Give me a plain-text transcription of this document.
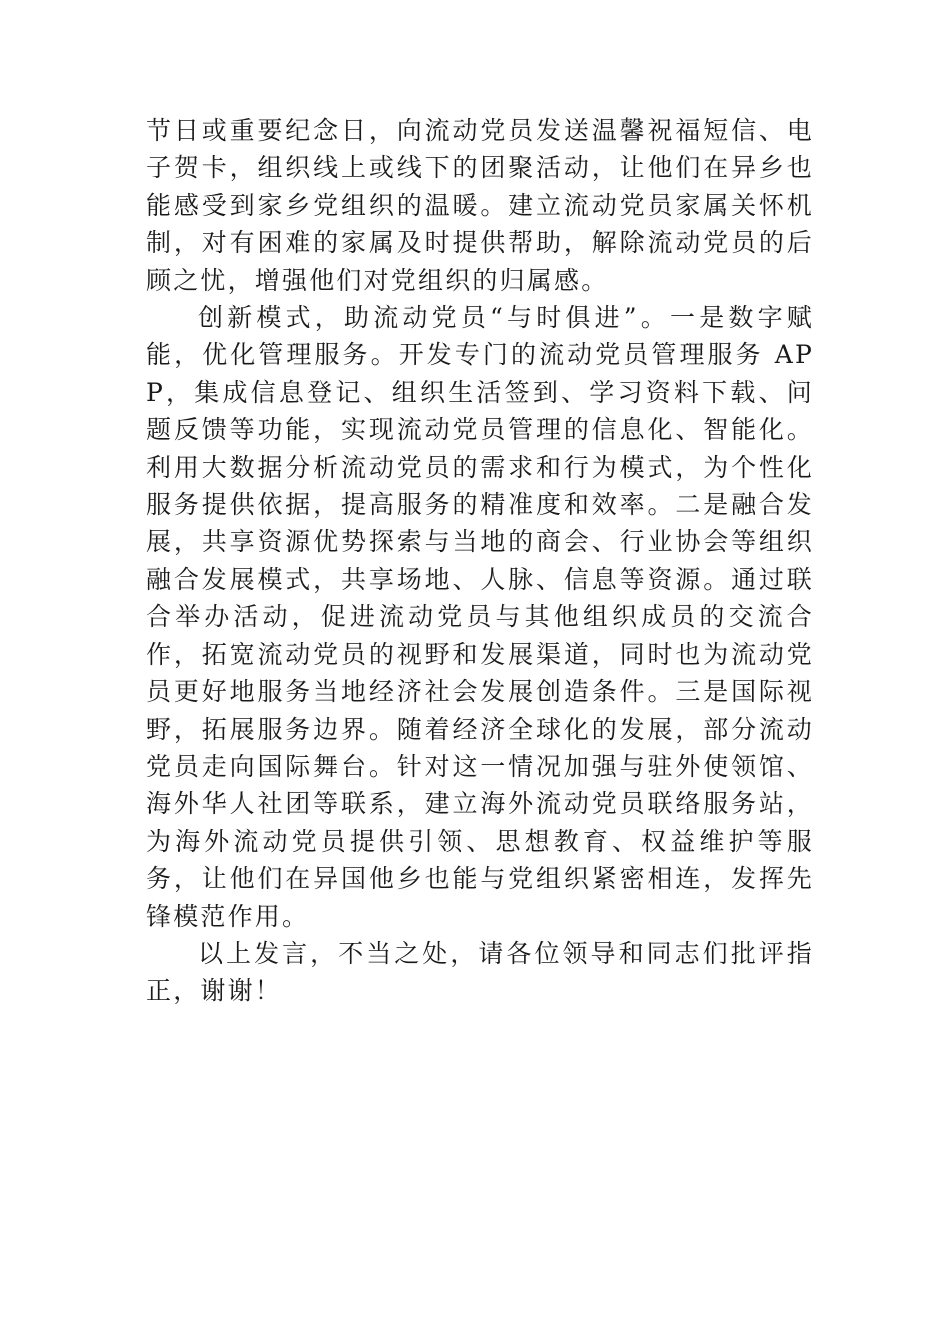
节日或重要纪念日，向流动党员发送温馨祝福短信、电子贺卡，组织线上或线下的团聚活动，让他们在异乡也能感受到家乡党组织的温暖。建立流动党员家属关怀机制，对有困难的家属及时提供帮助，解除流动党员的后顾之忧，增强他们对党组织的归属感。

创新模式，助流动党员“与时俱进”。一是数字赋能，优化管理服务。开发专门的流动党员管理服务 APP，集成信息登记、组织生活签到、学习资料下载、问题反馈等功能，实现流动党员管理的信息化、智能化。利用大数据分析流动党员的需求和行为模式，为个性化服务提供依据，提高服务的精准度和效率。二是融合发展，共享资源优势探索与当地的商会、行业协会等组织融合发展模式，共享场地、人脉、信息等资源。通过联合举办活动，促进流动党员与其他组织成员的交流合作，拓宽流动党员的视野和发展渠道，同时也为流动党员更好地服务当地经济社会发展创造条件。三是国际视野，拓展服务边界。随着经济全球化的发展，部分流动党员走向国际舞台。针对这一情况加强与驻外使领馆、海外华人社团等联系，建立海外流动党员联络服务站，为海外流动党员提供引领、思想教育、权益维护等服务，让他们在异国他乡也能与党组织紧密相连，发挥先锋模范作用。

以上发言，不当之处，请各位领导和同志们批评指正，谢谢！
